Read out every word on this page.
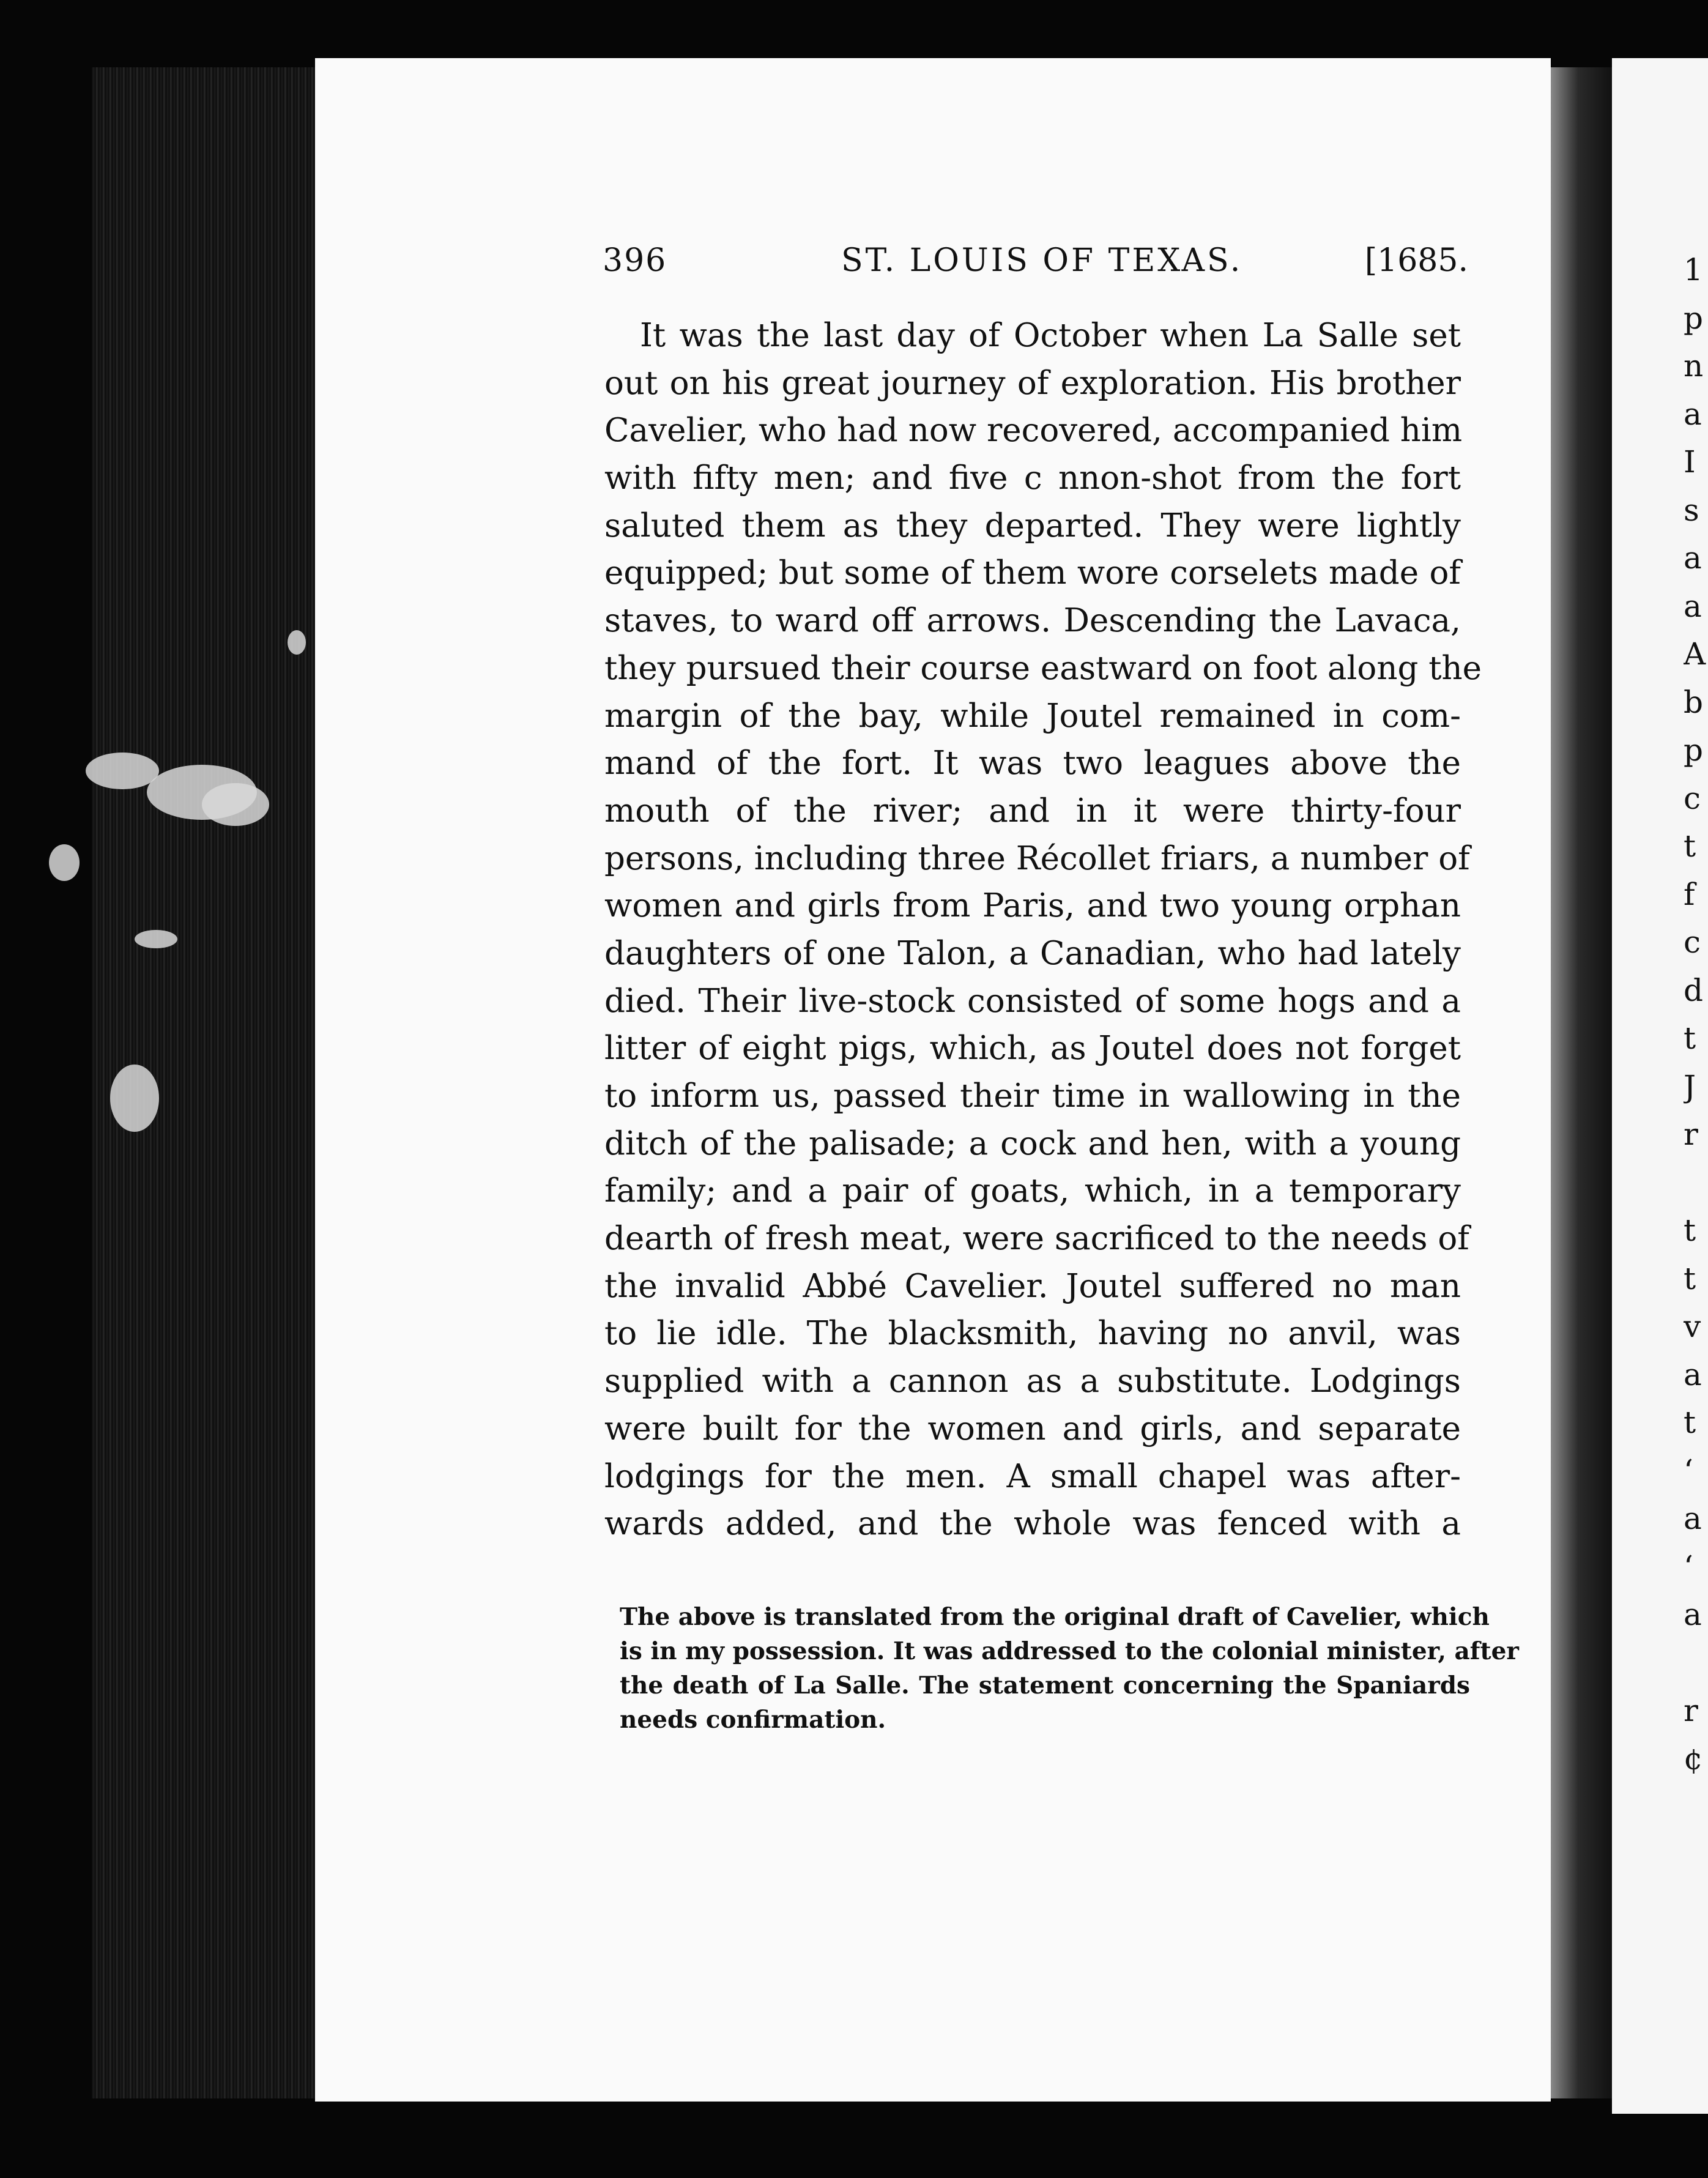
1
p
n
a
I
s
a
a
A
b
p
c
t
f
c
d
t
J
r
t
t
v
a
t
‘
a
‘
a
r
¢
396	ST. LOUIS OF TEXAS.	[1685.
It was the last day of October when La Salle set
out on his great journey of exploration. His brother
Cavelier, who had now recovered, accompanied him
with fifty men; and five c nnon-shot from the fort
saluted them as they departed. They were lightly
equipped; but some of them wore corselets made of
staves, to ward off arrows. Descending the Lavaca,
they pursued their course eastward on foot along the
margin of the bay, while Joutel remained in com-
mand of the fort. It was two leagues above the
mouth of the river; and in it were thirty-four
persons, including three Récollet friars, a number of
women and girls from Paris, and two young orphan
daughters of one Talon, a Canadian, who had lately
died. Their live-stock consisted of some hogs and a
litter of eight pigs, which, as Joutel does not forget
to inform us, passed their time in wallowing in the
ditch of the palisade; a cock and hen, with a young
family; and a pair of goats, which, in a temporary
dearth of fresh meat, were sacrificed to the needs of
the invalid Abbé Cavelier. Joutel suffered no man
to lie idle. The blacksmith, having no anvil, was
supplied with a cannon as a substitute. Lodgings
were built for the women and girls, and separate
lodgings for the men. A small chapel was after-
wards added, and the whole was fenced with a
The above is translated from the original draft of Cavelier, which
is in my possession. It was addressed to the colonial minister, after
the death of La Salle. The statement concerning the Spaniards
needs confirmation.
